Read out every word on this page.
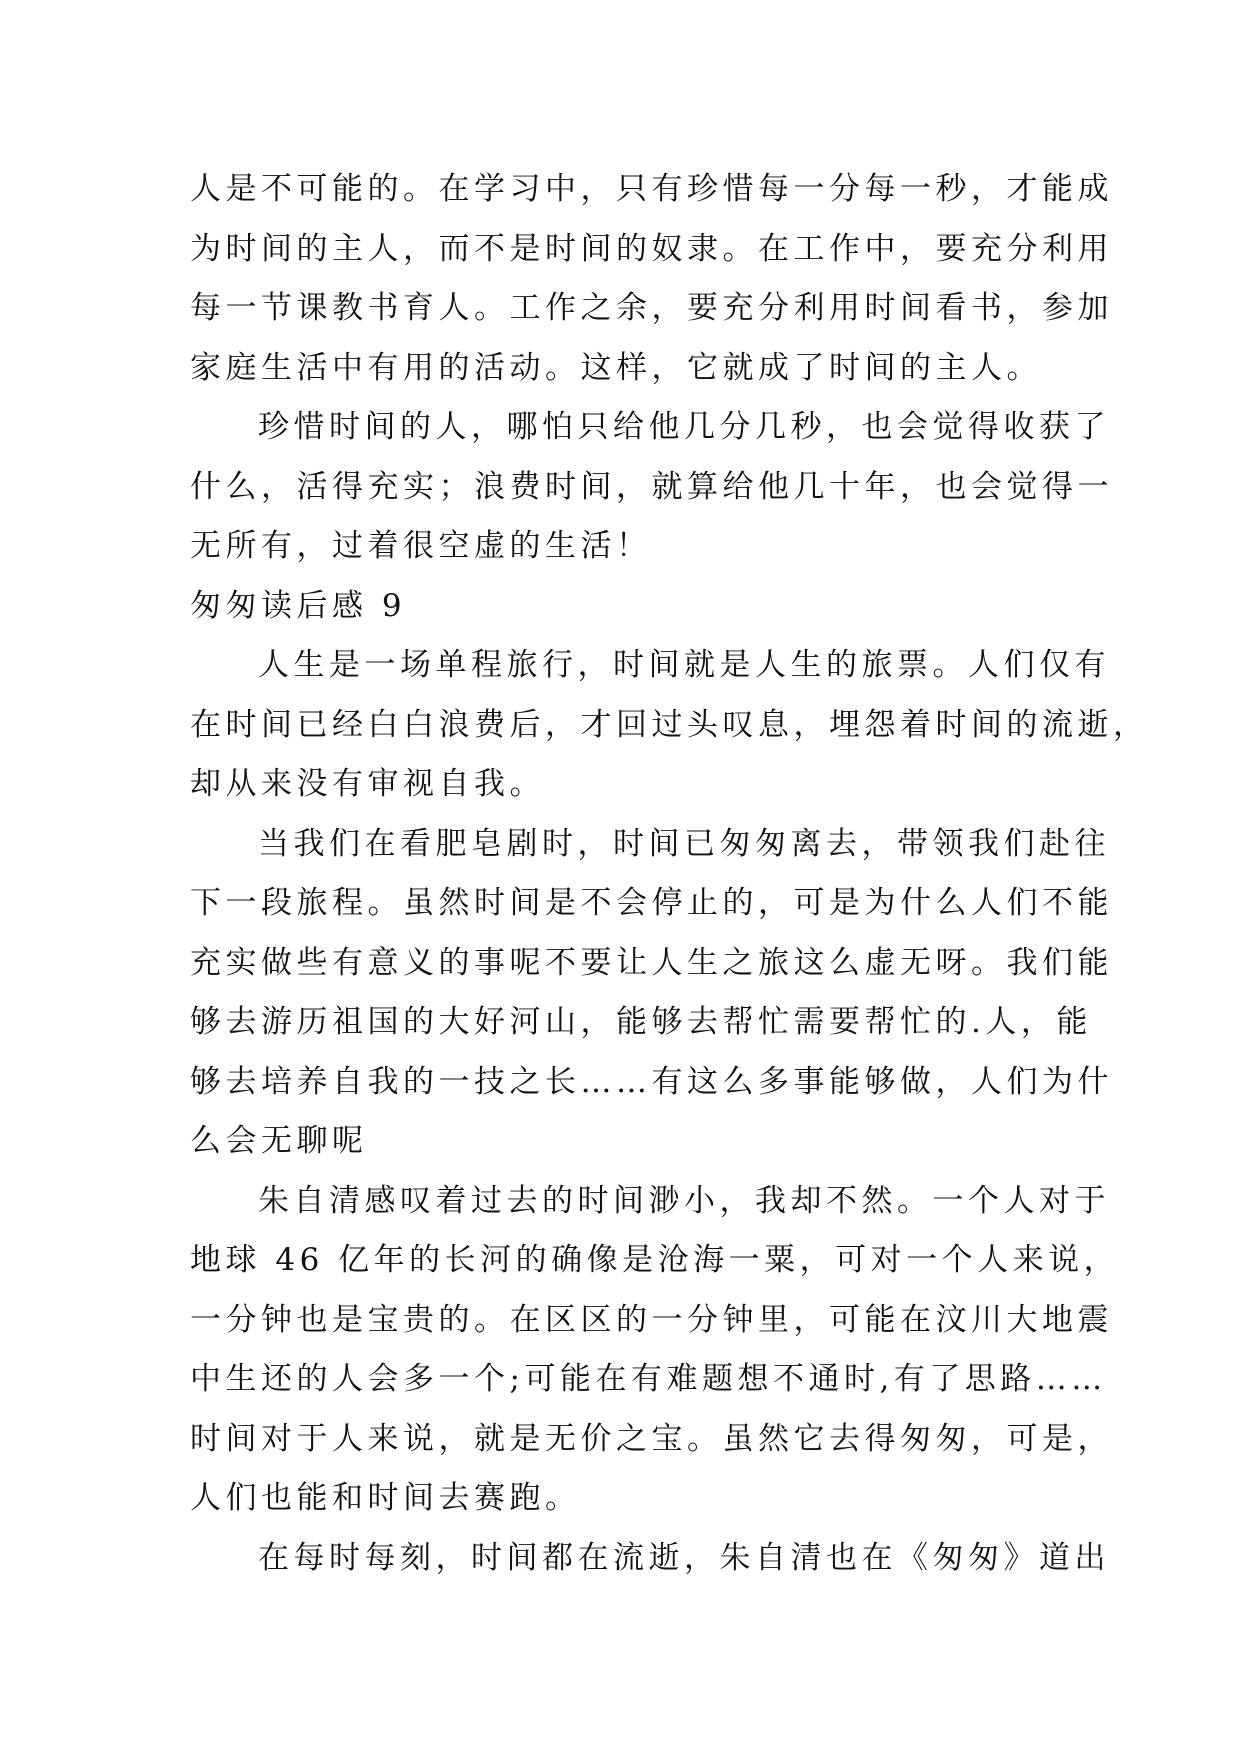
人是不可能的。在学习中，只有珍惜每一分每一秒，才能成
为时间的主人，而不是时间的奴隶。在工作中，要充分利用
每一节课教书育人。工作之余，要充分利用时间看书，参加
家庭生活中有用的活动。这样，它就成了时间的主人。
珍惜时间的人，哪怕只给他几分几秒，也会觉得收获了
什么，活得充实；浪费时间，就算给他几十年，也会觉得一
无所有，过着很空虚的生活！
匆匆读后感 9
人生是一场单程旅行，时间就是人生的旅票。人们仅有
在时间已经白白浪费后，才回过头叹息，埋怨着时间的流逝，
却从来没有审视自我。
当我们在看肥皂剧时，时间已匆匆离去，带领我们赴往
下一段旅程。虽然时间是不会停止的，可是为什么人们不能
充实做些有意义的事呢不要让人生之旅这么虚无呀。我们能
够去游历祖国的大好河山，能够去帮忙需要帮忙的.人，能
够去培养自我的一技之长……有这么多事能够做，人们为什
么会无聊呢
朱自清感叹着过去的时间渺小，我却不然。一个人对于
地球 46 亿年的长河的确像是沧海一粟，可对一个人来说，
一分钟也是宝贵的。在区区的一分钟里，可能在汶川大地震
中生还的人会多一个;可能在有难题想不通时,有了思路……
时间对于人来说，就是无价之宝。虽然它去得匆匆，可是，
人们也能和时间去赛跑。
在每时每刻，时间都在流逝，朱自清也在《匆匆》道出
